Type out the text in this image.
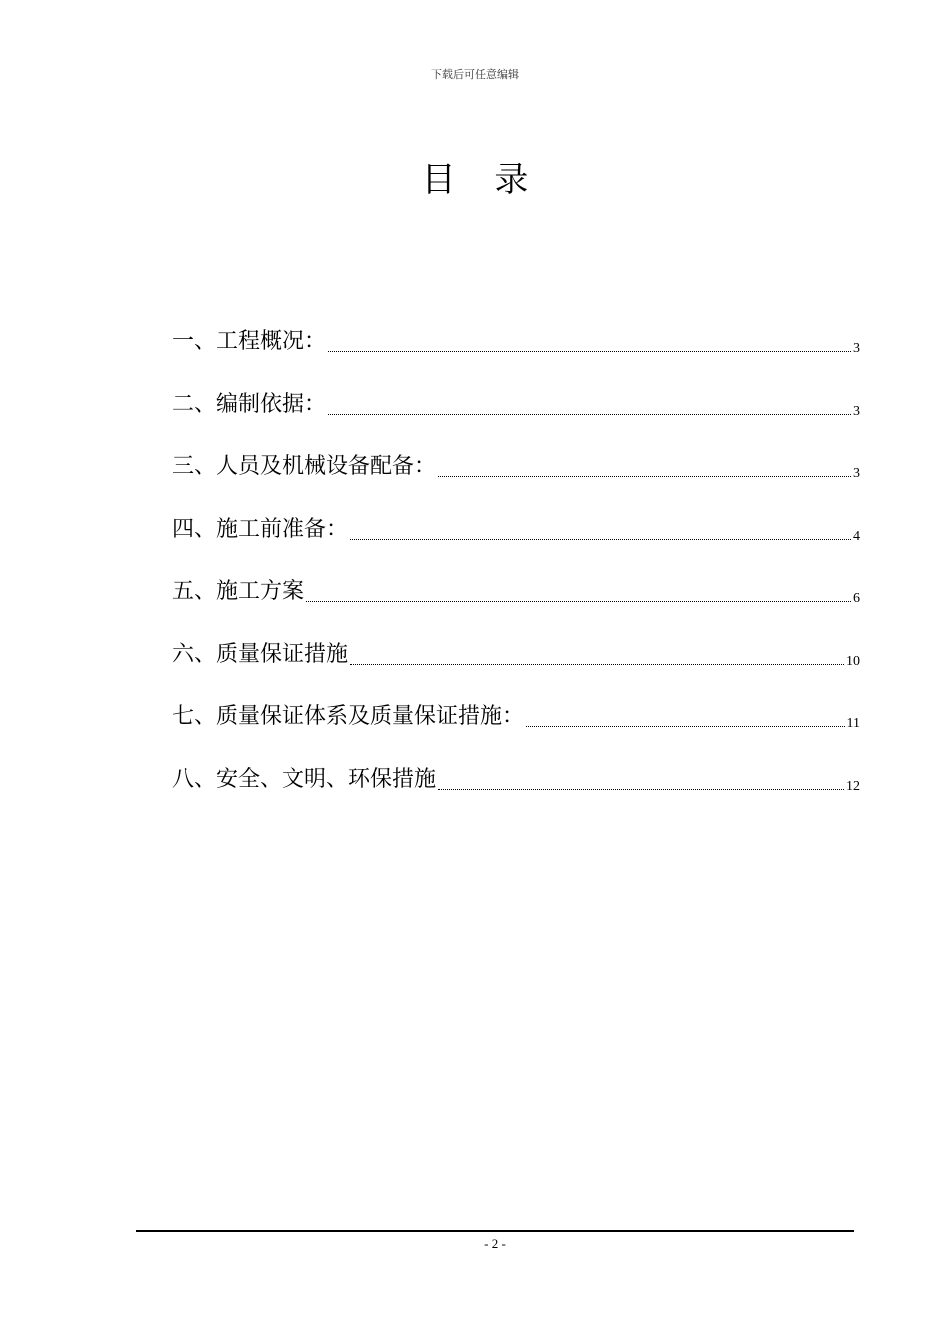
下载后可任意编辑
目 录
一、工程概况：	3
二、编制依据：	3
三、人员及机械设备配备：	3
四、施工前准备：	4
五、施工方案	6
六、质量保证措施	10
七、质量保证体系及质量保证措施：	11
八、安全、文明、环保措施	12
- 2 -
